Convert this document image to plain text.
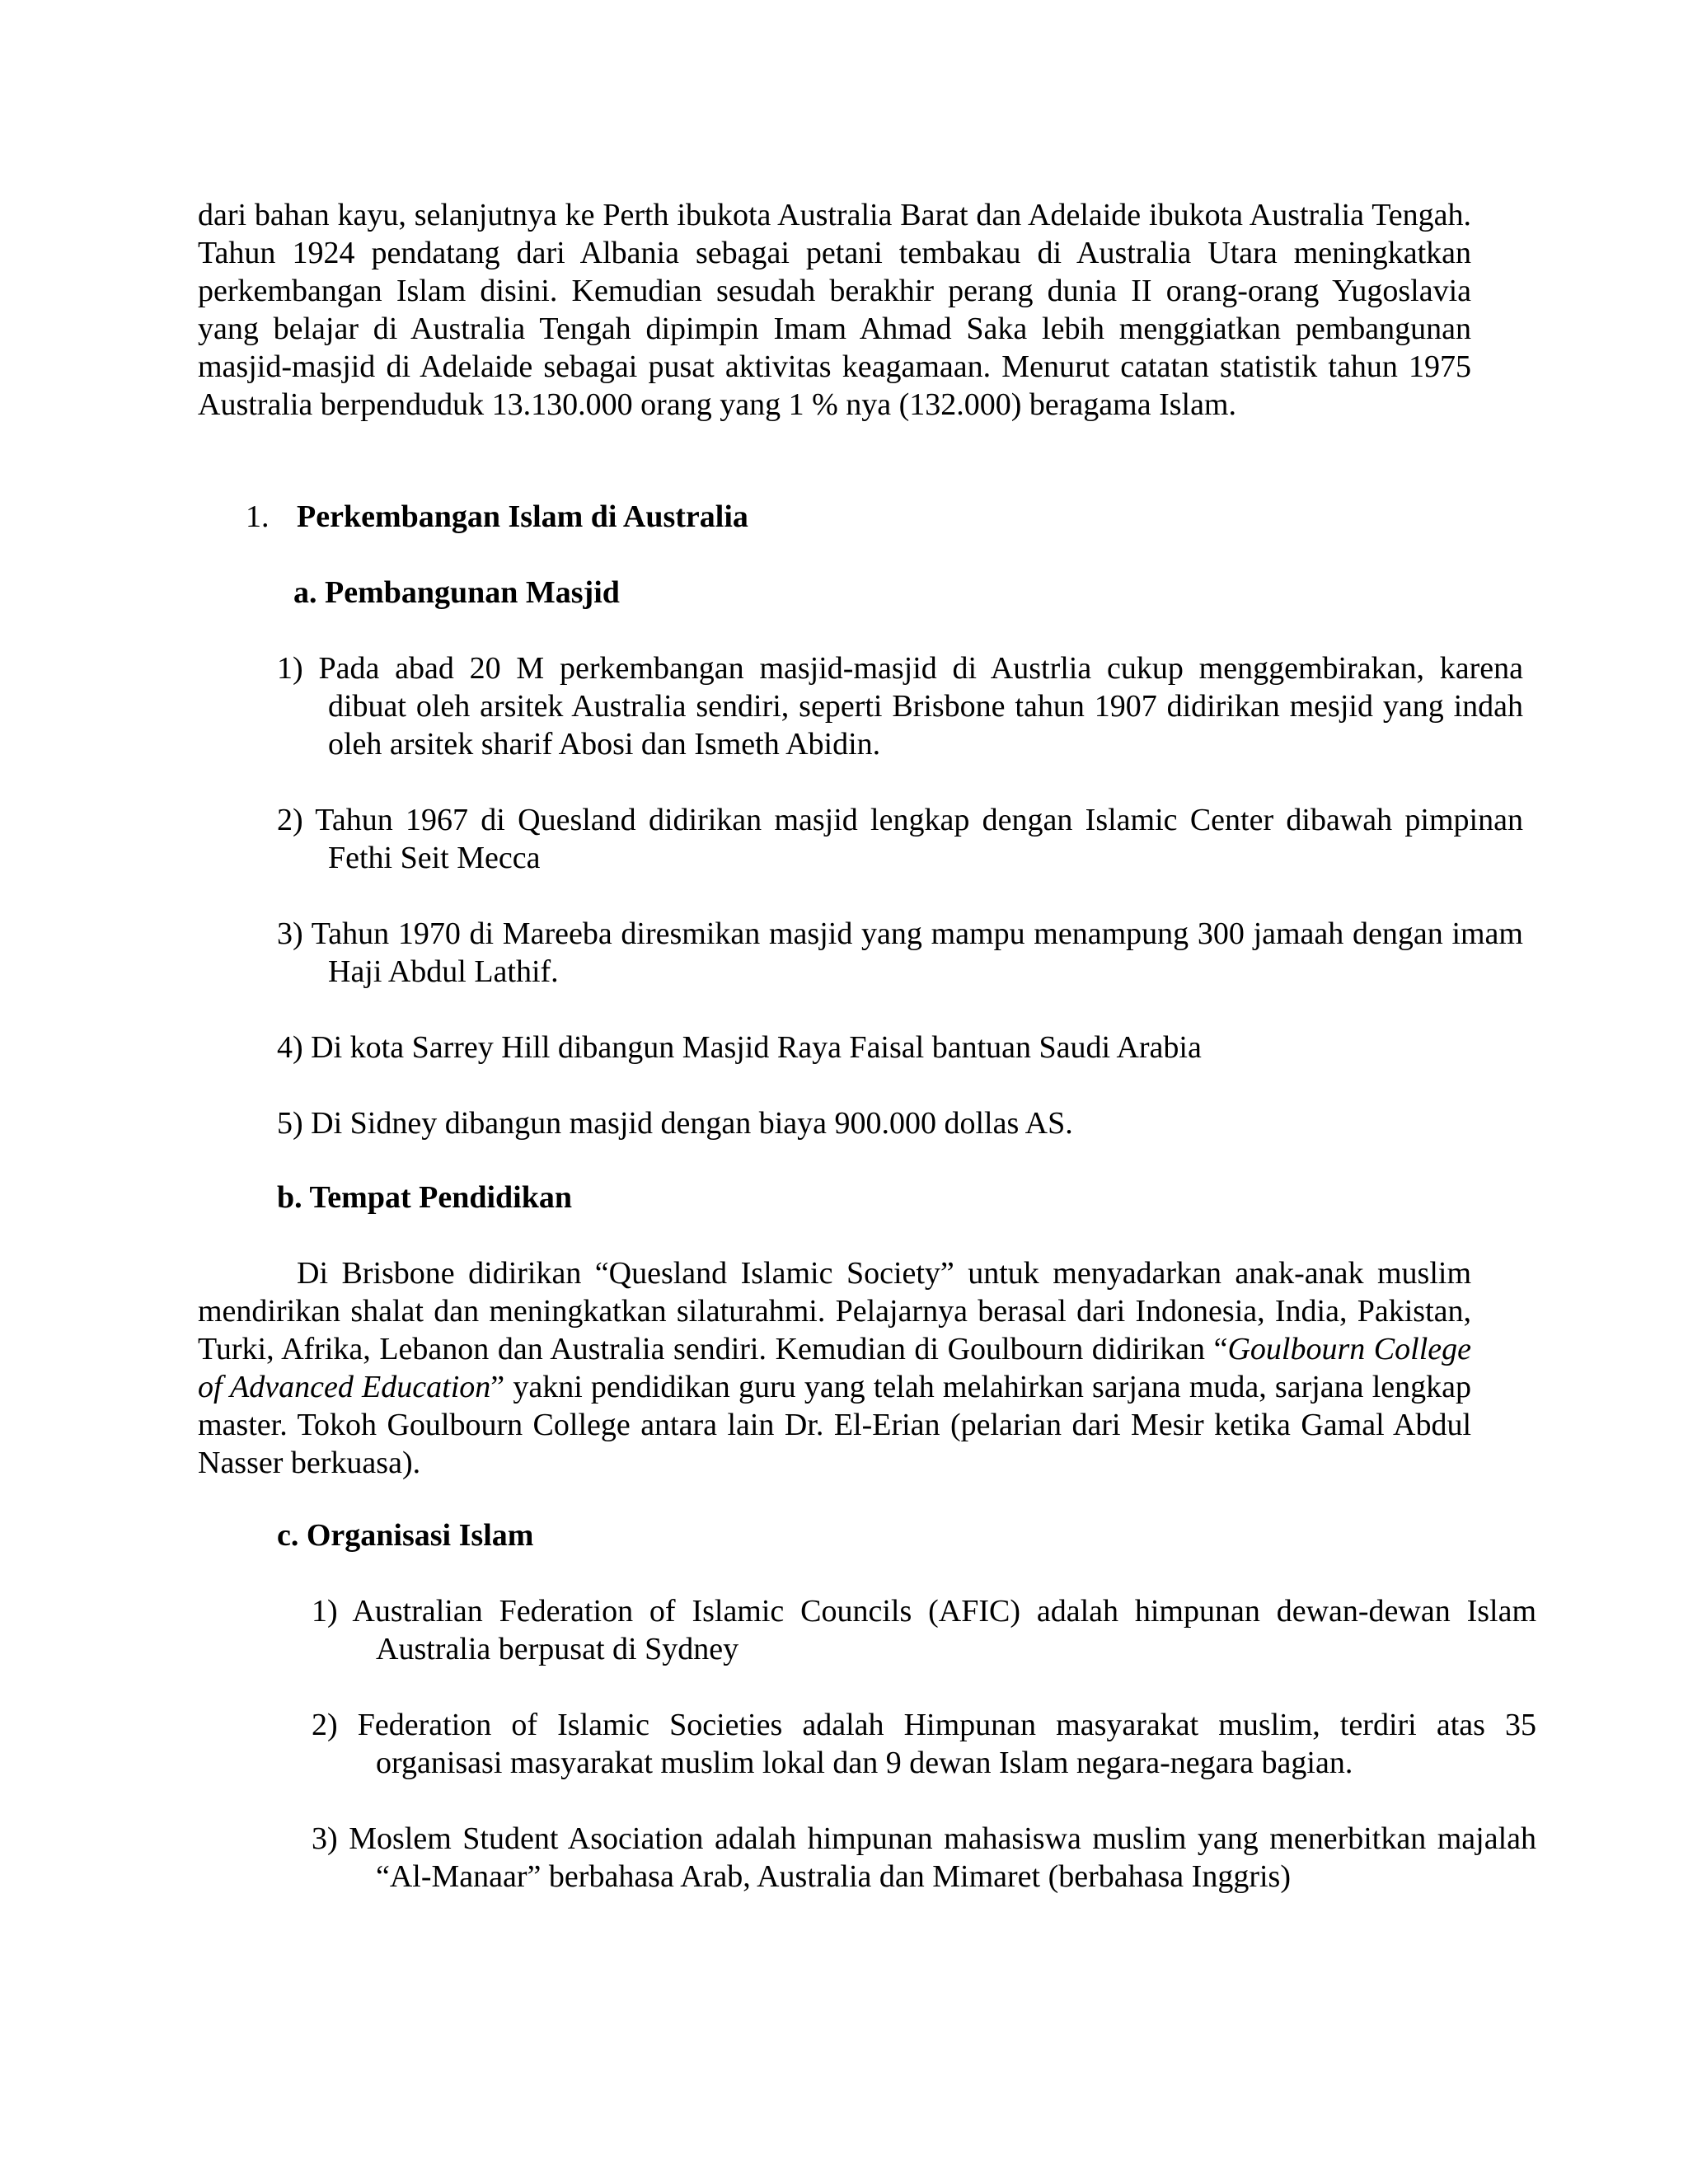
dari bahan kayu, selanjutnya ke Perth ibukota Australia Barat dan Adelaide ibukota Australia Tengah. Tahun 1924 pendatang dari Albania sebagai petani tembakau di Australia Utara meningkatkan perkembangan Islam disini. Kemudian sesudah berakhir perang dunia II orang-orang Yugoslavia yang belajar di Australia Tengah dipimpin Imam Ahmad Saka lebih menggiatkan pembangunan masjid-masjid di Adelaide sebagai pusat aktivitas keagamaan. Menurut catatan statistik tahun 1975 Australia berpenduduk 13.130.000 orang yang 1 % nya (132.000) beragama Islam.

1. Perkembangan Islam di Australia

a. Pembangunan Masjid

1) Pada abad 20 M perkembangan masjid-masjid di Austrlia cukup menggembirakan, karena dibuat oleh arsitek Australia sendiri, seperti Brisbone tahun 1907 didirikan mesjid yang indah oleh arsitek sharif Abosi dan Ismeth Abidin.

2) Tahun 1967 di Quesland didirikan masjid lengkap dengan Islamic Center dibawah pimpinan Fethi Seit Mecca

3) Tahun 1970 di Mareeba diresmikan masjid yang mampu menampung 300 jamaah dengan imam Haji Abdul Lathif.

4) Di kota Sarrey Hill dibangun Masjid Raya Faisal bantuan Saudi Arabia

5) Di Sidney dibangun masjid dengan biaya 900.000 dollas AS.

b. Tempat Pendidikan

Di Brisbone didirikan “Quesland Islamic Society” untuk menyadarkan anak-anak muslim mendirikan shalat dan meningkatkan silaturahmi. Pelajarnya berasal dari Indonesia, India, Pakistan, Turki, Afrika, Lebanon dan Australia sendiri. Kemudian di Goulbourn didirikan “Goulbourn College of Advanced Education” yakni pendidikan guru yang telah melahirkan sarjana muda, sarjana lengkap master. Tokoh Goulbourn College antara lain Dr. El-Erian (pelarian dari Mesir ketika Gamal Abdul Nasser berkuasa).

c. Organisasi Islam

1) Australian Federation of Islamic Councils (AFIC) adalah himpunan dewan-dewan Islam Australia berpusat di Sydney

2) Federation of Islamic Societies adalah Himpunan masyarakat muslim, terdiri atas 35 organisasi masyarakat muslim lokal dan 9 dewan Islam negara-negara bagian.

3) Moslem Student Asociation adalah himpunan mahasiswa muslim yang menerbitkan majalah “Al-Manaar” berbahasa Arab, Australia dan Mimaret (berbahasa Inggris)
